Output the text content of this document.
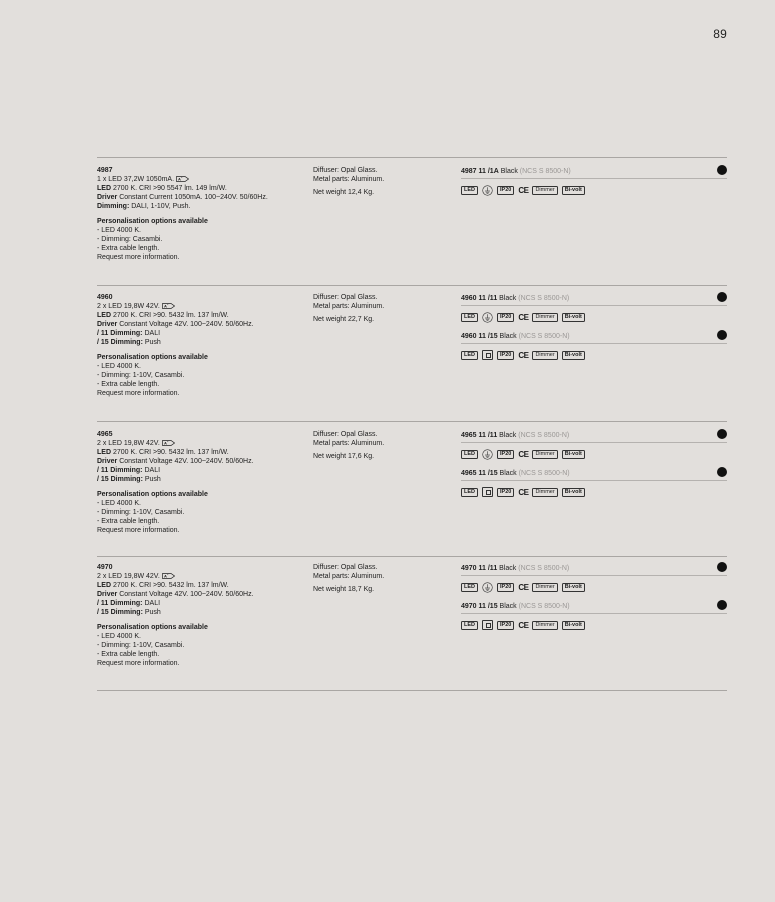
89
4987
1 x LED 37,2W 1050mA. A
LED 2700 K. CRI >90 5547 lm. 149 lm/W.
Driver Constant Current 1050mA. 100~240V. 50/60Hz.
Dimming: DALI, 1-10V, Push.
Personalisation options available
- LED 4000 K.
- Dimming: Casambi.
- Extra cable length.
Request more information.
Diffuser: Opal Glass.
Metal parts: Aluminum.
Net weight 12,4 Kg.
4987 11 /1A Black (NCS S 8500-N)
LED	IP20 CE	Dimmer	Bi-volt
4960
2 x LED 19,8W 42V. A
LED 2700 K. CRI >90. 5432 lm. 137 lm/W.
Driver Constant Voltage 42V. 100~240V. 50/60Hz.
/ 11 Dimming: DALI
/ 15 Dimming: Push
Personalisation options available
- LED 4000 K.
- Dimming: 1-10V, Casambi.
- Extra cable length.
Request more information.
Diffuser: Opal Glass.
Metal parts: Aluminum.
Net weight 22,7 Kg.
4960 11 /11 Black (NCS S 8500-N)
LED	IP20 CE	Dimmer	Bi-volt
4960 11 /15 Black (NCS S 8500-N)
LED	IP20 CE	Dimmer	Bi-volt
4965
2 x LED 19,8W 42V. A
LED 2700 K. CRI >90. 5432 lm. 137 lm/W.
Driver Constant Voltage 42V. 100~240V. 50/60Hz.
/ 11 Dimming: DALI
/ 15 Dimming: Push
Personalisation options available
- LED 4000 K.
- Dimming: 1-10V, Casambi.
- Extra cable length.
Request more information.
Diffuser: Opal Glass.
Metal parts: Aluminum.
Net weight 17,6 Kg.
4965 11 /11 Black (NCS S 8500-N)
LED	IP20 CE	Dimmer	Bi-volt
4965 11 /15 Black (NCS S 8500-N)
LED	IP20 CE	Dimmer	Bi-volt
4970
2 x LED 19,8W 42V. A
LED 2700 K. CRI >90. 5432 lm. 137 lm/W.
Driver Constant Voltage 42V. 100~240V. 50/60Hz.
/ 11 Dimming: DALI
/ 15 Dimming: Push
Personalisation options available
- LED 4000 K.
- Dimming: 1-10V, Casambi.
- Extra cable length.
Request more information.
Diffuser: Opal Glass.
Metal parts: Aluminum.
Net weight 18,7 Kg.
4970 11 /11 Black (NCS S 8500-N)
LED	IP20 CE	Dimmer	Bi-volt
4970 11 /15 Black (NCS S 8500-N)
LED	IP20 CE	Dimmer	Bi-volt
